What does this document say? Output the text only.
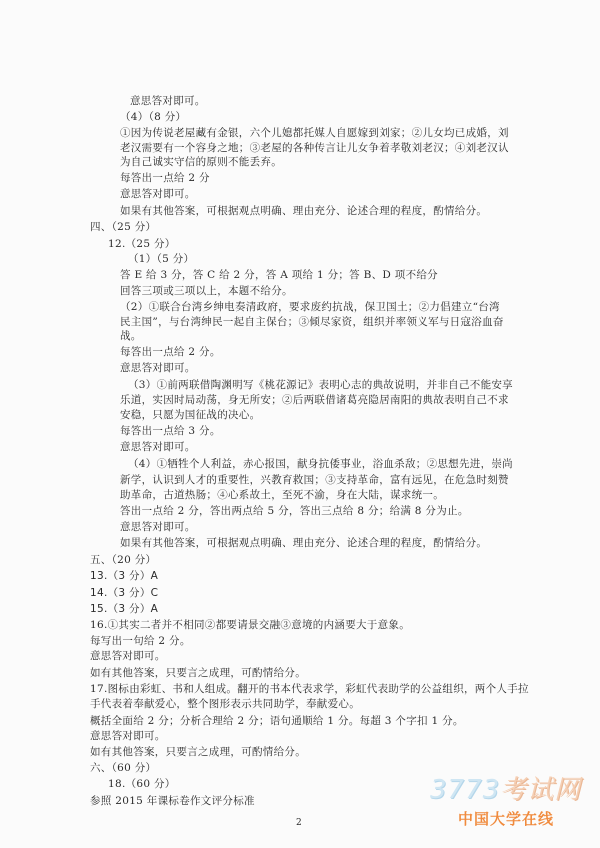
意思答对即可。
（4）（8 分）
①因为传说老屋藏有金银，六个儿媳都托媒人自愿嫁到刘家；②儿女均已成婚，刘
老汉需要有一个容身之地；③老屋的各种传言让儿女争着孝敬刘老汉；④刘老汉认
为自己诚实守信的原则不能丢弃。
每答出一点给 2 分
意思答对即可。
如果有其他答案，可根据观点明确、理由充分、论述合理的程度，酌情给分。
四、（25 分）
12.（25 分）
（1）（5 分）
答 E 给 3 分，答 C 给 2 分，答 A 项给 1 分；答 B、D 项不给分
回答三项或三项以上，本题不给分。
（2）①联合台湾乡绅电奏清政府，要求废约抗战，保卫国土；②力倡建立“台湾
民主国”，与台湾绅民一起自主保台；③倾尽家资，组织并率领义军与日寇浴血奋
战。
每答出一点给 2 分。
意思答对即可。
（3）①前两联借陶渊明写《桃花源记》表明心志的典故说明，并非自己不能安享
乐道，实因时局动荡，身无所安；②后两联借诸葛亮隐居南阳的典故表明自己不求
安稳，只愿为国征战的决心。
每答出一点给 3 分。
意思答对即可。
（4）①牺牲个人利益，赤心报国，献身抗倭事业，浴血杀敌；②思想先进，崇尚
新学，认识到人才的重要性，兴教育救国；③支持革命，富有远见，在危急时刻赞
助革命，古道热肠；④心系故土，至死不渝，身在大陆，谋求统一。
答出一点给 2 分，答出两点给 5 分，答出三点给 8 分；给满 8 分为止。
意思答对即可。
如果有其他答案，可根据观点明确、理由充分、论述合理的程度，酌情给分。
五、（20 分）
13.（3 分）A
14.（3 分）C
15.（3 分）A
16.①其实二者并不相同②都要请景交融③意境的内涵要大于意象。
每写出一句给 2 分。
意思答对即可。
如有其他答案，只要言之成理，可酌情给分。
17.图标由彩虹、书和人组成。翻开的书本代表求学，彩虹代表助学的公益组织，两个人手拉
手代表着奉献爱心，整个图形表示共同助学，奉献爱心。
概括全面给 2 分；分析合理给 2 分；语句通顺给 1 分。每超 3 个字扣 1 分。
意思答对即可。
如有其他答案，只要言之成理，可酌情给分。
六、（60 分）
18.（60 分）
参照 2015 年课标卷作文评分标准
2
3773考试网
中国大学在线
